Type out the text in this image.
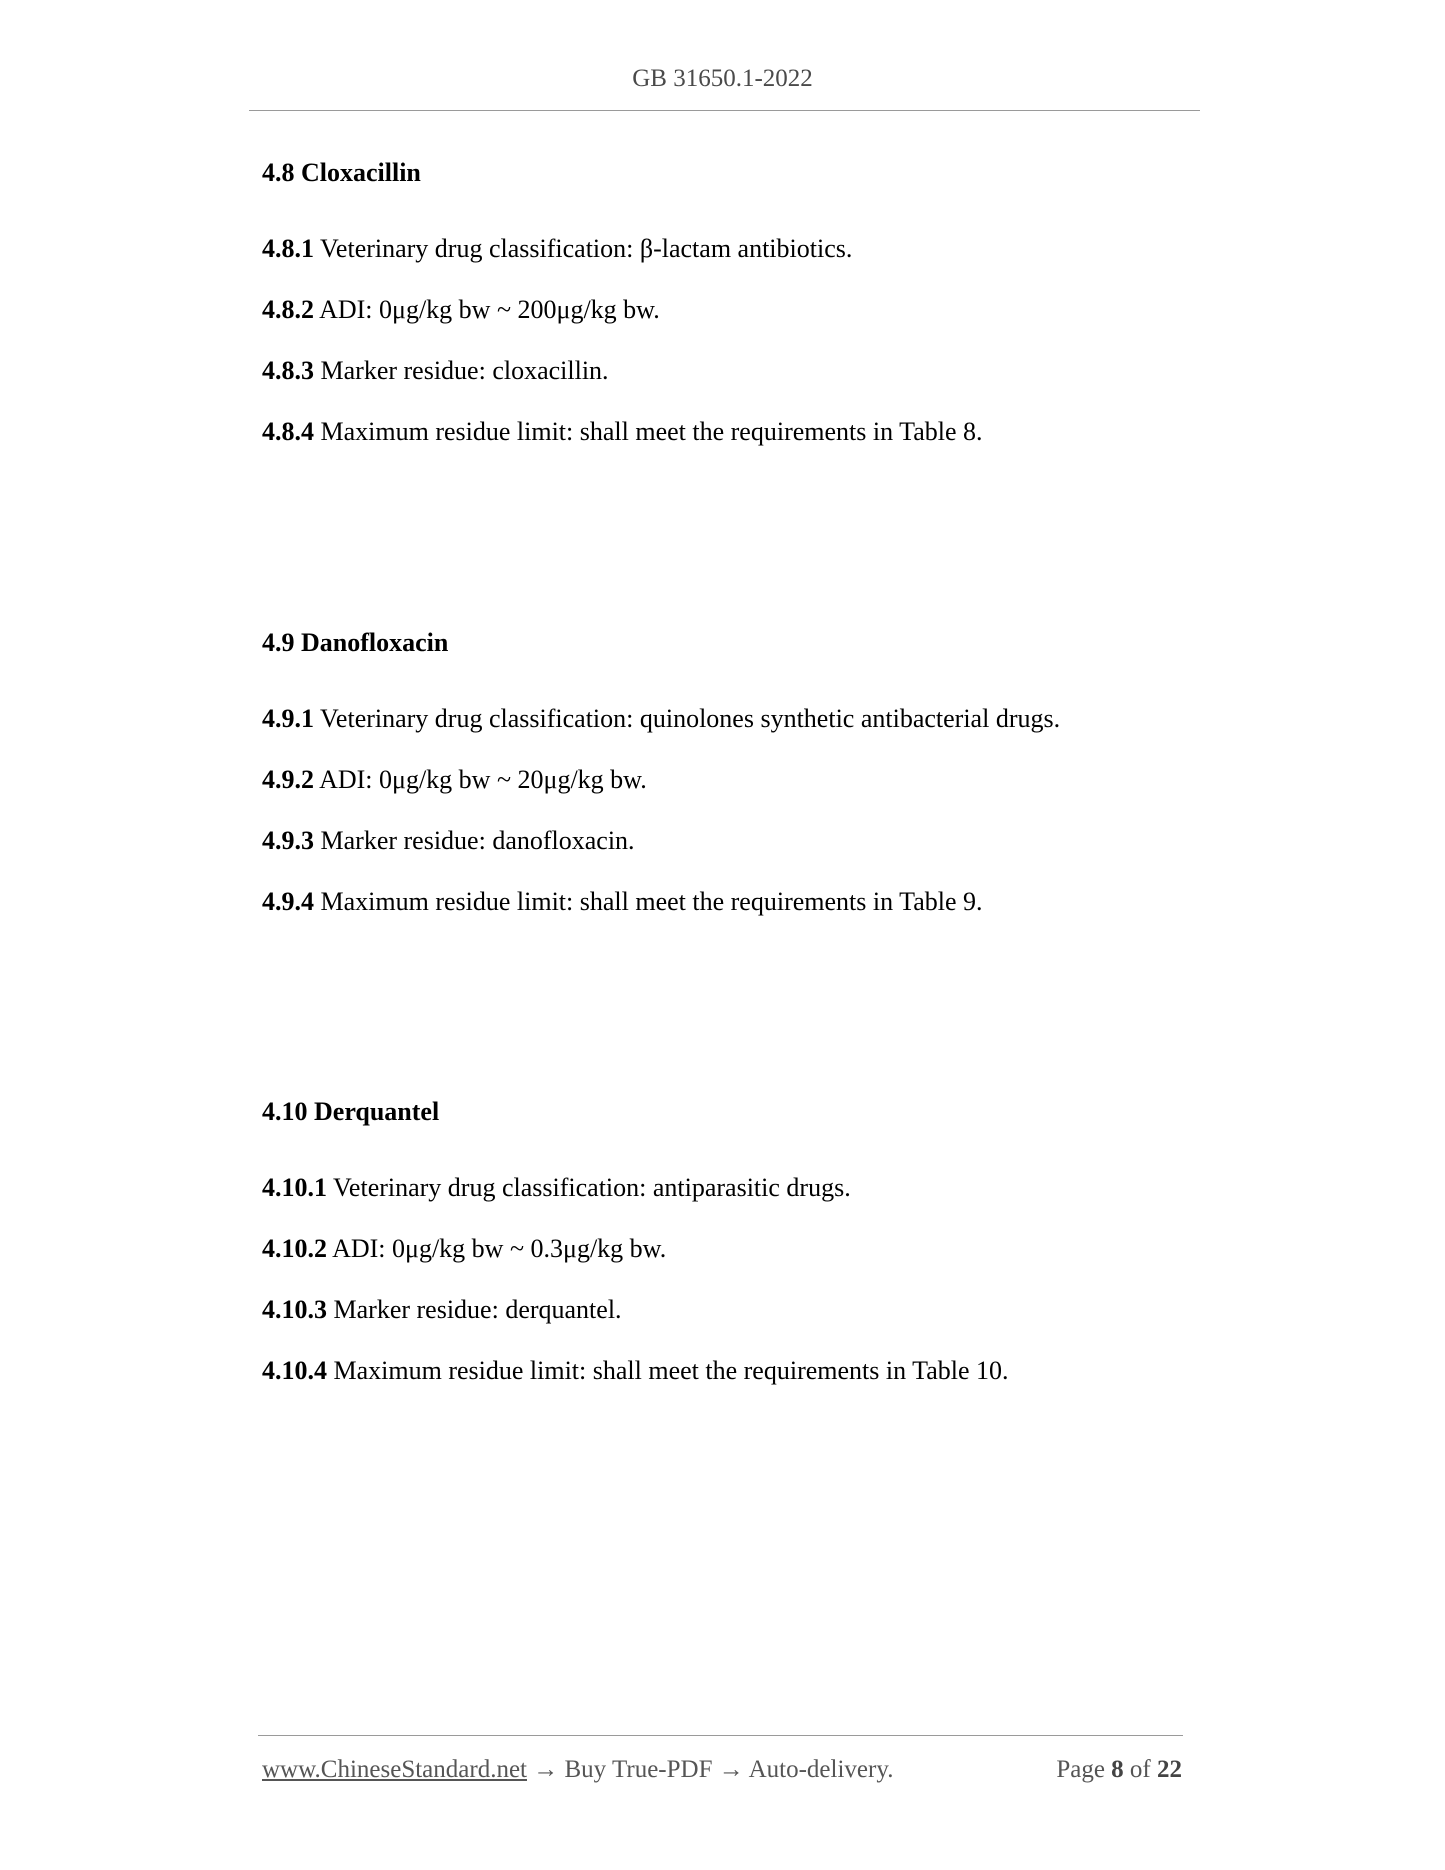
GB 31650.1-2022
4.8 Cloxacillin

4.8.1 Veterinary drug classification: β-lactam antibiotics.

4.8.2 ADI: 0μg/kg bw ~ 200μg/kg bw.

4.8.3 Marker residue: cloxacillin.

4.8.4 Maximum residue limit: shall meet the requirements in Table 8.

4.9 Danofloxacin

4.9.1 Veterinary drug classification: quinolones synthetic antibacterial drugs.

4.9.2 ADI: 0μg/kg bw ~ 20μg/kg bw.

4.9.3 Marker residue: danofloxacin.

4.9.4 Maximum residue limit: shall meet the requirements in Table 9.

4.10 Derquantel

4.10.1 Veterinary drug classification: antiparasitic drugs.

4.10.2 ADI: 0μg/kg bw ~ 0.3μg/kg bw.

4.10.3 Marker residue: derquantel.

4.10.4 Maximum residue limit: shall meet the requirements in Table 10.

www.ChineseStandard.net → Buy True-PDF → Auto-delivery.	Page 8 of 22
